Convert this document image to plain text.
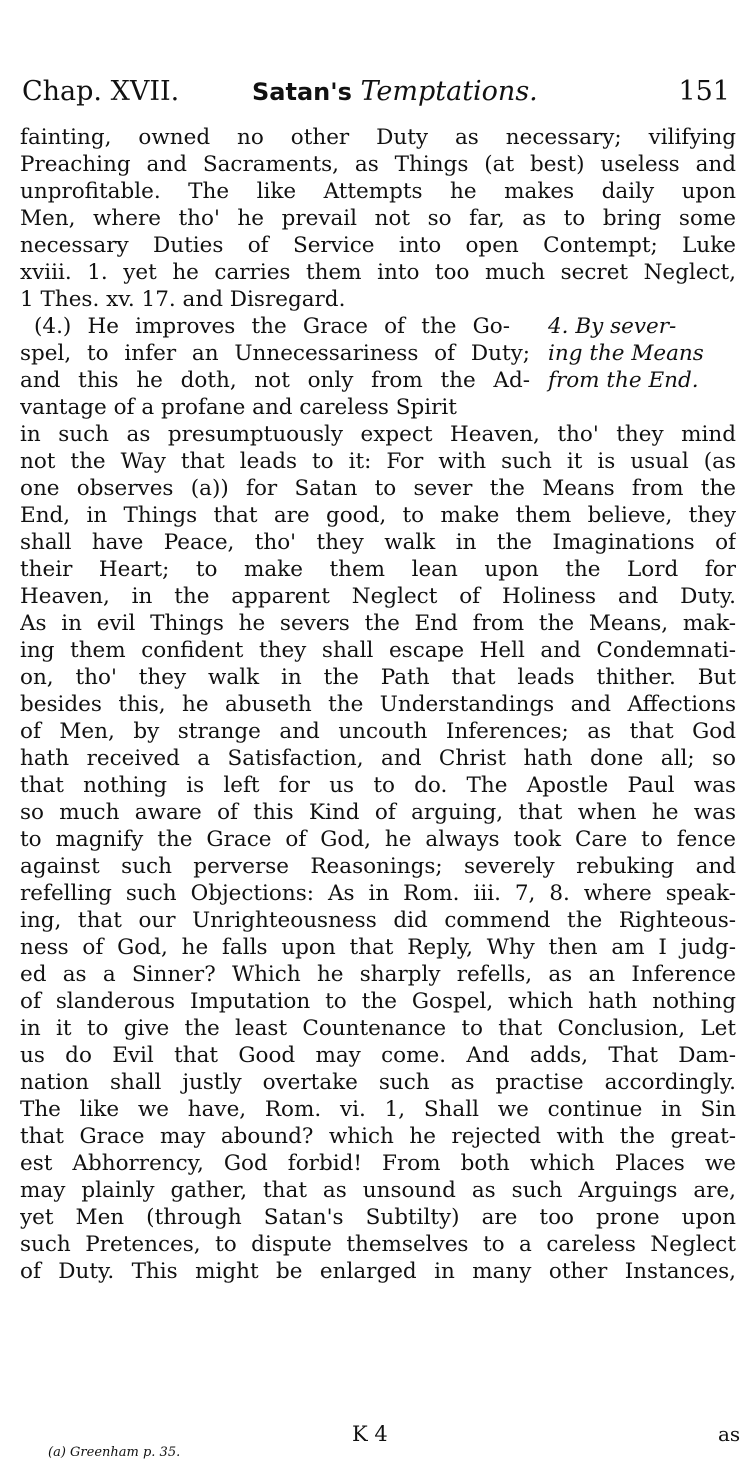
Chap. XVII.	Satan's Temptations.	151
fainting, owned no other Duty as necessary; vilifying
Preaching and Sacraments, as Things (at best) useless and
unprofitable. The like Attempts he makes daily upon
Men, where tho' he prevail not so far, as to bring some
necessary Duties of Service into open Contempt; Luke
xviii. 1. yet he carries them into too much secret Neglect,
1 Thes. xv. 17. and Disregard.
(4.) He improves the Grace of the Go-
spel, to infer an Unnecessariness of Duty;
and this he doth, not only from the Ad-
vantage of a profane and careless Spirit
in such as presumptuously expect Heaven, tho' they mind
not the Way that leads to it: For with such it is usual (as
one observes (a)) for Satan to sever the Means from the
End, in Things that are good, to make them believe, they
shall have Peace, tho' they walk in the Imaginations of
their Heart; to make them lean upon the Lord for
Heaven, in the apparent Neglect of Holiness and Duty.
As in evil Things he severs the End from the Means, mak-
ing them confident they shall escape Hell and Condemnati-
on, tho' they walk in the Path that leads thither. But
besides this, he abuseth the Understandings and Affections
of Men, by strange and uncouth Inferences; as that God
hath received a Satisfaction, and Christ hath done all; so
that nothing is left for us to do. The Apostle Paul was
so much aware of this Kind of arguing, that when he was
to magnify the Grace of God, he always took Care to fence
against such perverse Reasonings; severely rebuking and
refelling such Objections: As in Rom. iii. 7, 8. where speak-
ing, that our Unrighteousness did commend the Righteous-
ness of God, he falls upon that Reply, Why then am I judg-
ed as a Sinner? Which he sharply refells, as an Inference
of slanderous Imputation to the Gospel, which hath nothing
in it to give the least Countenance to that Conclusion, Let
us do Evil that Good may come. And adds, That Dam-
nation shall justly overtake such as practise accordingly.
The like we have, Rom. vi. 1, Shall we continue in Sin
that Grace may abound? which he rejected with the great-
est Abhorrency, God forbid! From both which Places we
may plainly gather, that as unsound as such Arguings are,
yet Men (through Satan's Subtilty) are too prone upon
such Pretences, to dispute themselves to a careless Neglect
of Duty. This might be enlarged in many other Instances,
4. By sever-
ing the Means
from the End.
K 4	as
(a) Greenham p. 35.
